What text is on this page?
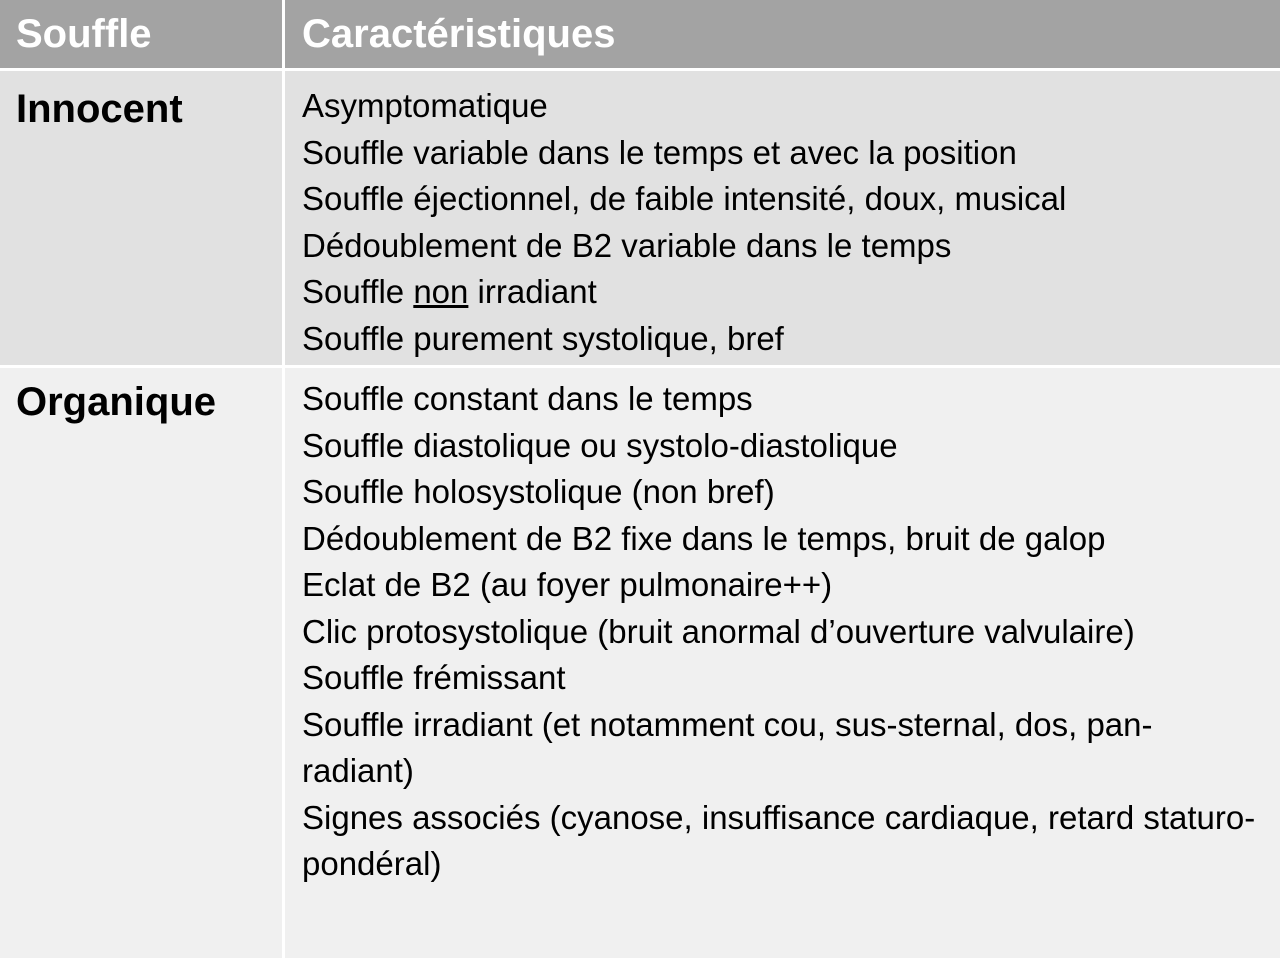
Souffle	Caractéristiques
Innocent	Asymptomatique
Souffle variable dans le temps et avec la position
Souffle éjectionnel, de faible intensité, doux, musical
Dédoublement de B2 variable dans le temps
Souffle non irradiant
Souffle purement systolique, bref
Organique	Souffle constant dans le temps
Souffle diastolique ou systolo-diastolique
Souffle holosystolique (non bref)
Dédoublement de B2 fixe dans le temps, bruit de galop
Eclat de B2 (au foyer pulmonaire++)
Clic protosystolique (bruit anormal d’ouverture valvulaire)
Souffle frémissant
Souffle irradiant (et notamment cou, sus-sternal, dos, pan-radiant)
Signes associés (cyanose, insuffisance cardiaque, retard staturo-pondéral)
